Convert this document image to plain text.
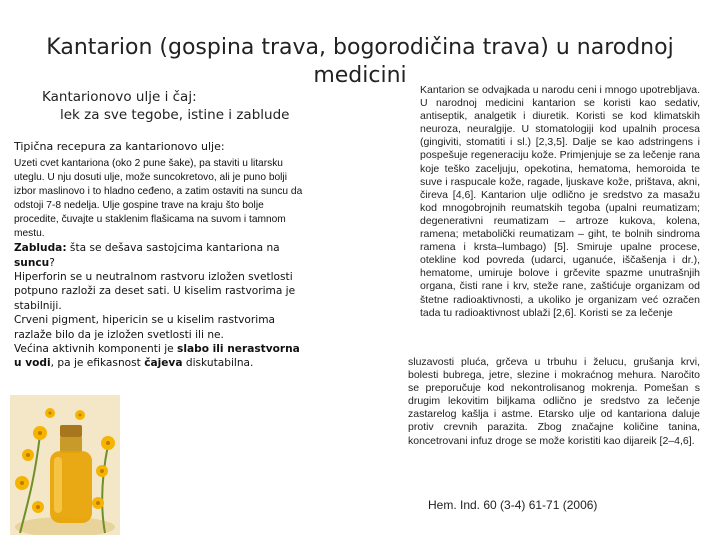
Kantarion (gospina trava, bogorodičina trava) u narodnoj medicini
Kantarionovo ulje i čaj:
lek za sve tegobe, istine i zablude
Tipična recepura za kantarionovo ulje:
Uzeti cvet kantariona (oko 2 pune šake), pa staviti u litarsku uteglu. U nju dosuti ulje, može suncokretovo, ali je puno bolji izbor maslinovo i to hladno ceđeno, a zatim ostaviti na suncu da odstoji 7-8 nedelja. Ulje gospine trave na kraju što bolje procedite, čuvajte u staklenim flašicama na suvom i tamnom mestu.
Zabluda: šta se dešava sastojcima kantariona na suncu?
Hiperforin se u neutralnom rastvoru izložen svetlosti potpuno razloži za deset sati. U kiselim rastvorima je stabilniji.
Crveni pigment, hipericin se u kiselim rastvorima razlaže bilo da je izložen svetlosti ili ne.
Većina aktivnih komponenti je slabo ili nerastvorna u vodi, pa je efikasnost čajeva diskutabilna.
Kantarion se odvajkada u narodu ceni i mnogo upotrebljava. U narodnoj medicini kantarion se koristi kao sedativ, antiseptik, analgetik i diuretik. Koristi se kod klimatskih neuroza, neuralgije. U stomatologiji kod upalnih procesa (gingiviti, stomatiti i sl.) [2,3,5]. Dalje se kao adstringens i pospešuje regeneraciju kože. Primjenjuje se za lečenje rana koje teško zaceljuju, opekotina, hematoma, hemoroida te suve i raspucale kože, ragade, ljuskave kože, prištava, akni, čireva [4,6]. Kantarion ulje odlično je sredstvo za masažu kod mnogobrojnih reumatskih tegoba (upalni reumatizam; degenerativni reumatizam – artroze kukova, kolena, ramena; metabolički reumatizam – giht, te bolnih sindroma ramena i krsta–lumbago) [5]. Smiruje upalne procese, otekline kod povreda (udarci, uganuće, iščašenja i dr.), hematome, umiruje bolove i grčevite spazme unutrašnjih organa, čisti rane i krv, steže rane, zaštićuje organizam od štetne radioaktivnosti, a ukoliko je organizam već ozračen tada tu radioaktivnost ublaži [2,6]. Koristi se za lečenje
sluzavosti pluća, grčeva u trbuhu i želucu, grušanja krvi, bolesti bubrega, jetre, slezine i mokraćnog mehura. Naročito se preporučuje kod nekontrolisanog mokrenja. Pomešan s drugim lekovitim biljkama odlično je sredstvo za lečenje zastarelog kašlja i astme. Etarsko ulje od kantariona daluje protiv crevnih parazita. Zbog značajne količine tanina, koncetrovani infuz droge se može koristiti kao dijareik [2–4,6].
Hem. Ind. 60 (3-4) 61-71 (2006)
